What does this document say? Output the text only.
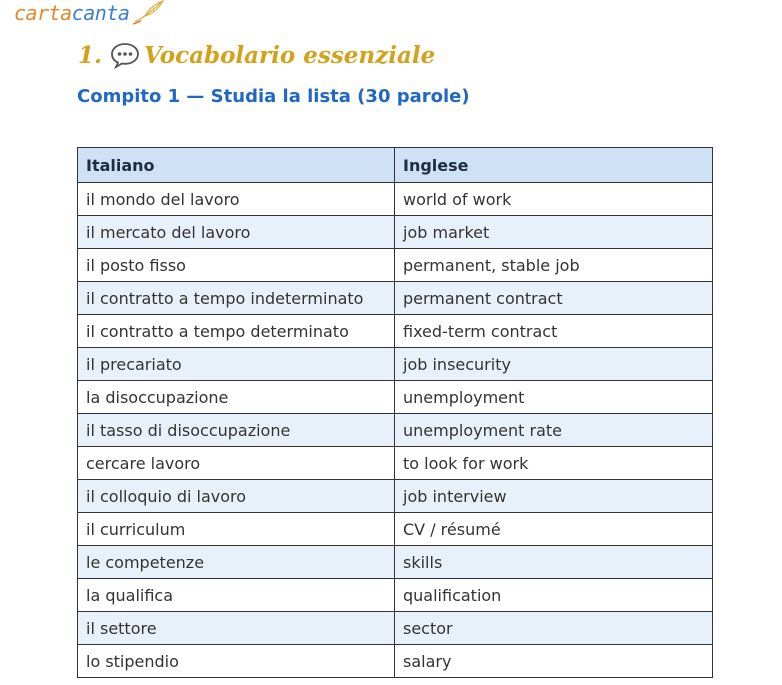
cartacanta
1. Vocabolario essenziale
Compito 1 — Studia la lista (30 parole)
Italiano	Inglese
il mondo del lavoro	world of work
il mercato del lavoro	job market
il posto fisso	permanent, stable job
il contratto a tempo indeterminato	permanent contract
il contratto a tempo determinato	fixed-term contract
il precariato	job insecurity
la disoccupazione	unemployment
il tasso di disoccupazione	unemployment rate
cercare lavoro	to look for work
il colloquio di lavoro	job interview
il curriculum	CV / résumé
le competenze	skills
la qualifica	qualification
il settore	sector
lo stipendio	salary
